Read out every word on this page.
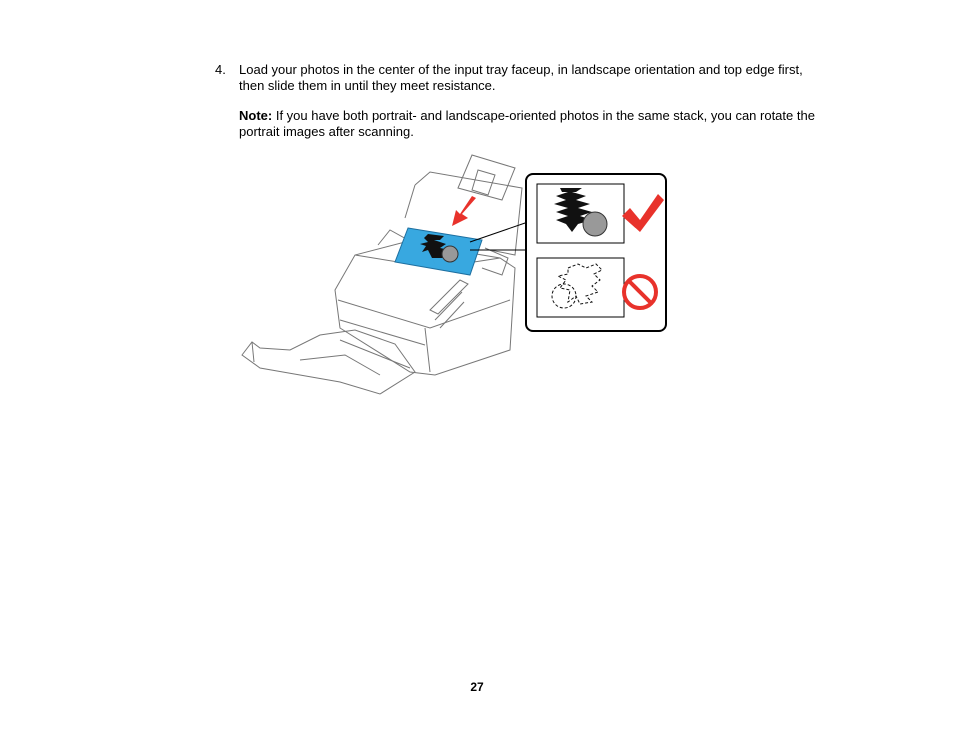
4. Load your photos in the center of the input tray faceup, in landscape orientation and top edge first, then slide them in until they meet resistance.
Note: If you have both portrait- and landscape-oriented photos in the same stack, you can rotate the portrait images after scanning.
27
